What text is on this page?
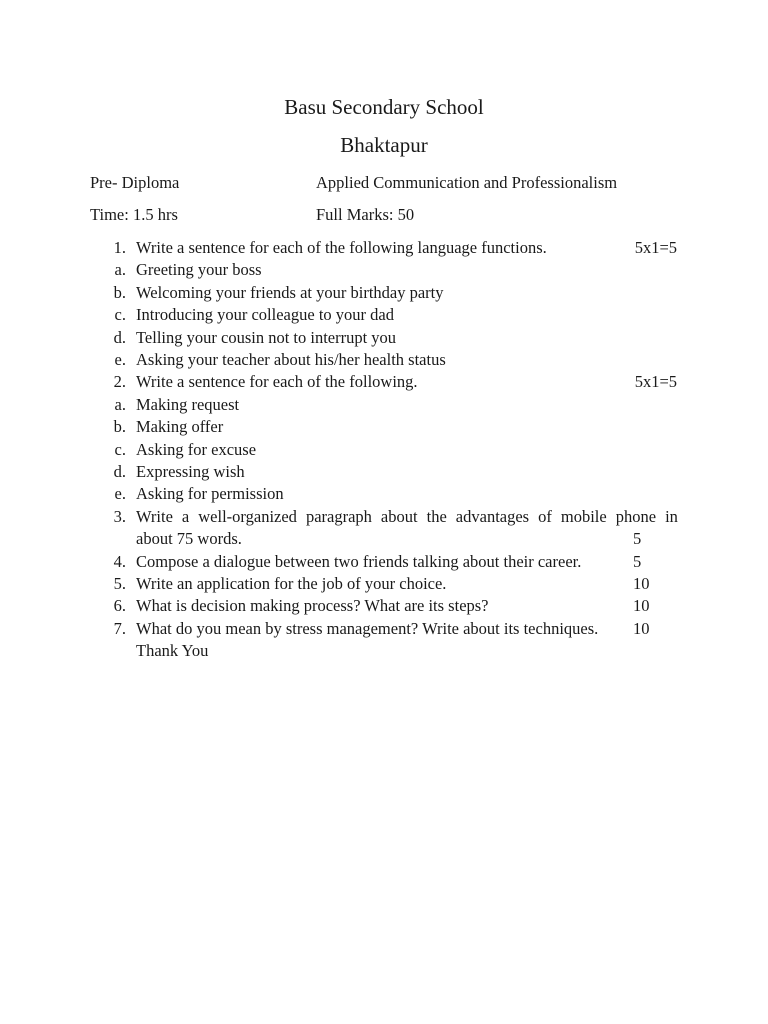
Basu Secondary School
Bhaktapur
Pre- Diploma	Applied Communication and Professionalism
Time: 1.5 hrs	Full Marks: 50
1. Write a sentence for each of the following language functions.	5x1=5
a. Greeting your boss
b. Welcoming your friends at your birthday party
c. Introducing your colleague to your dad
d. Telling your cousin not to interrupt you
e. Asking your teacher about his/her health status
2. Write a sentence for each of the following.	5x1=5
a. Making request
b. Making offer
c. Asking for excuse
d. Expressing wish
e. Asking for permission
3. Write a well-organized paragraph about the advantages of mobile phone in
about 75 words.	5
4. Compose a dialogue between two friends talking about their career.	5
5. Write an application for the job of your choice.	10
6. What is decision making process? What are its steps?	10
7. What do you mean by stress management? Write about its techniques. 10
Thank You
